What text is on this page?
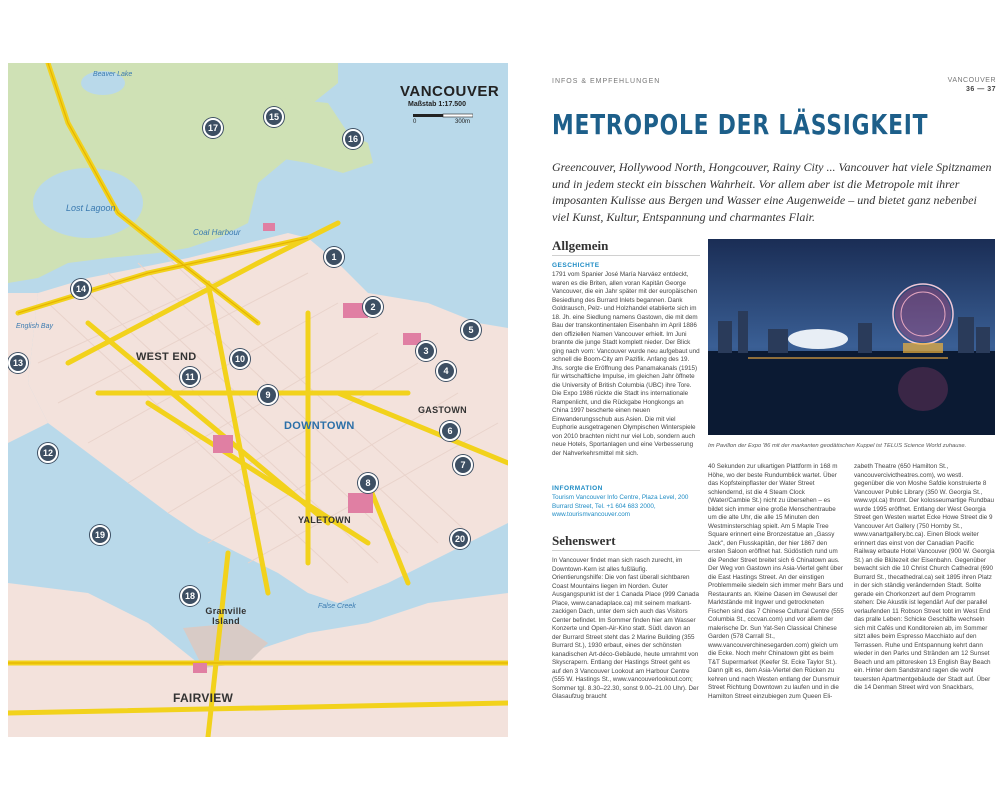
VANCOUVER
Maßstab 1:17.500
0	300m
Beaver Lake
Lost Lagoon
Coal Harbour
English Bay
False Creek
WEST END
DOWNTOWN
GASTOWN
YALETOWN
Granville Island
FAIRVIEW
1
2
3
4
5
6
7
8
9
10
11
12
13
14
15
16
17
18
19	20
INFOS & EMPFEHLUNGEN	VANCOUVER
36 — 37
METROPOLE DER LÄSSIGKEIT
Greencouver, Hollywood North, Hongcouver, Rainy City ... Vancouver hat viele Spitznamen und in jedem steckt ein bisschen Wahrheit. Vor allem aber ist die Metropole mit ihrer imposanten Kulisse aus Bergen und Wasser eine Augenweide – und bietet ganz nebenbei viel Kunst, Kultur, Entspannung und charmantes Flair.
Allgemein
GESCHICHTE
1791 vom Spanier José María Narváez entdeckt, waren es die Briten, allen voran Kapitän George Vancouver, die ein Jahr später mit der europäischen Besiedlung des Burrard Inlets begannen. Dank Goldrausch, Pelz- und Holzhandel etablierte sich im 18. Jh. eine Siedlung namens Gastown, die mit dem Bau der transkontinentalen Eisenbahn im April 1886 den offiziellen Namen Vancouver erhielt. Im Juni brannte die junge Stadt komplett nieder. Der Blick ging nach vorn: Vancouver wurde neu aufgebaut und schnell die Boom-City am Pazifik. Anfang des 19. Jhs. sorgte die Eröffnung des Panamakanals (1915) für wirtschaftliche Impulse, im gleichen Jahr öffnete die University of British Columbia (UBC) ihre Tore. Die Expo 1986 rückte die Stadt ins internationale Rampenlicht, und die Rückgabe Hongkongs an China 1997 bescherte einen neuen Einwanderungsschub aus Asien. Die mit viel Euphorie ausgetragenen Olympischen Winterspiele von 2010 brachten nicht nur viel Lob, sondern auch neue Hotels, Sportanlagen und eine Verbesserung der Nahverkehrsmittel mit sich.
INFORMATION
Tourism Vancouver Info Centre, Plaza Level, 200 Burrard Street, Tel. +1 604 683 2000, www.tourismvancouver.com
Sehenswert
In Vancouver findet man sich rasch zurecht, im Downtown-Kern ist alles fußläufig. Orientierungshilfe: Die von fast überall sichtbaren Coast Mountains liegen im Norden. Guter Ausgangspunkt ist der 1 Canada Place (999 Canada Place, www.canadaplace.ca) mit seinem markant-zackigen Dach, unter dem sich auch das Visitors Center befindet. Im Sommer finden hier am Wasser Konzerte und Open-Air-Kino statt. Südl. davon an der Burrard Street steht das 2 Marine Building (355 Burrard St.), 1930 erbaut, eines der schönsten kanadischen Art-déco-Gebäude, heute umrahmt von Skyscrapern. Entlang der Hastings Street geht es auf den 3 Vancouver Lookout am Harbour Centre (555 W. Hastings St., www.vancouverlookout.com; Sommer tgl. 8.30–22.30, sonst 9.00–21.00 Uhr). Der Glasaufzug braucht
Im Pavillon der Expo '86 mit der markanten geodätischen Kuppel ist TELUS Science World zuhause.
40 Sekunden zur ulkartigen Plattform in 168 m Höhe, wo der beste Rundumblick wartet. Über das Kopfsteinpflaster der Water Street schlendernd, ist die 4 Steam Clock (Water/Cambie St.) nicht zu übersehen – es bildet sich immer eine große Menschentraube um die alte Uhr, die alle 15 Minuten den Westminsterschlag spielt. Am 5 Maple Tree Square erinnert eine Bronzestatue an „Gassy Jack", den Flusskapitän, der hier 1867 den ersten Saloon eröffnet hat. Südöstlich rund um die Pender Street breitet sich 6 Chinatown aus. Der Weg von Gastown ins Asia-Viertel geht über die East Hastings Street. An der einstigen Problemmeile siedeln sich immer mehr Bars und Restaurants an. Kleine Oasen im Gewusel der Marktstände mit Ingwer und getrockneten Fischen sind das 7 Chinese Cultural Centre (555 Columbia St., cccvan.com) und vor allem der malerische Dr. Sun Yat-Sen Classical Chinese Garden (578 Carrall St., www.vancouverchinesegarden.com) gleich um die Ecke. Noch mehr Chinatown gibt es beim T&T Supermarket (Keefer St. Ecke Taylor St.). Dann gilt es, dem Asia-Viertel den Rücken zu kehren und nach Westen entlang der Dunsmuir Street Richtung Downtown zu laufen und in die Hamilton Street einzubiegen zum Queen Eli-
zabeth Theatre (650 Hamilton St., vancouvercivictheatres.com), wo westl. gegenüber die von Moshe Safdie konstruierte 8 Vancouver Public Library (350 W. Georgia St., www.vpl.ca) thront. Der kolosseumartige Rundbau wurde 1995 eröffnet. Entlang der West Georgia Street gen Westen wartet Ecke Howe Street die 9 Vancouver Art Gallery (750 Hornby St., www.vanartgallery.bc.ca). Einen Block weiter erinnert das einst von der Canadian Pacific Railway erbaute Hotel Vancouver (900 W. Georgia St.) an die Blütezeit der Eisenbahn. Gegenüber bewacht sich die 10 Christ Church Cathedral (690 Burrard St., thecathedral.ca) seit 1895 ihren Platz in der sich ständig verändernden Stadt. Sollte gerade ein Chorkonzert auf dem Programm stehen: Die Akustik ist legendär! Auf der parallel verlaufenden 11 Robson Street tobt im West End das pralle Leben: Schicke Geschäfte wechseln sich mit Cafés und Konditoreien ab, im Sommer sitzt alles beim Espresso Macchiato auf den Terrassen. Ruhe und Entspannung kehrt dann wieder in den Parks und Stränden am 12 Sunset Beach und am pittoresken 13 English Bay Beach ein. Hinter dem Sandstrand ragen die wohl teuersten Apartmentgebäude der Stadt auf. Über die 14 Denman Street wird von Snackbars,
